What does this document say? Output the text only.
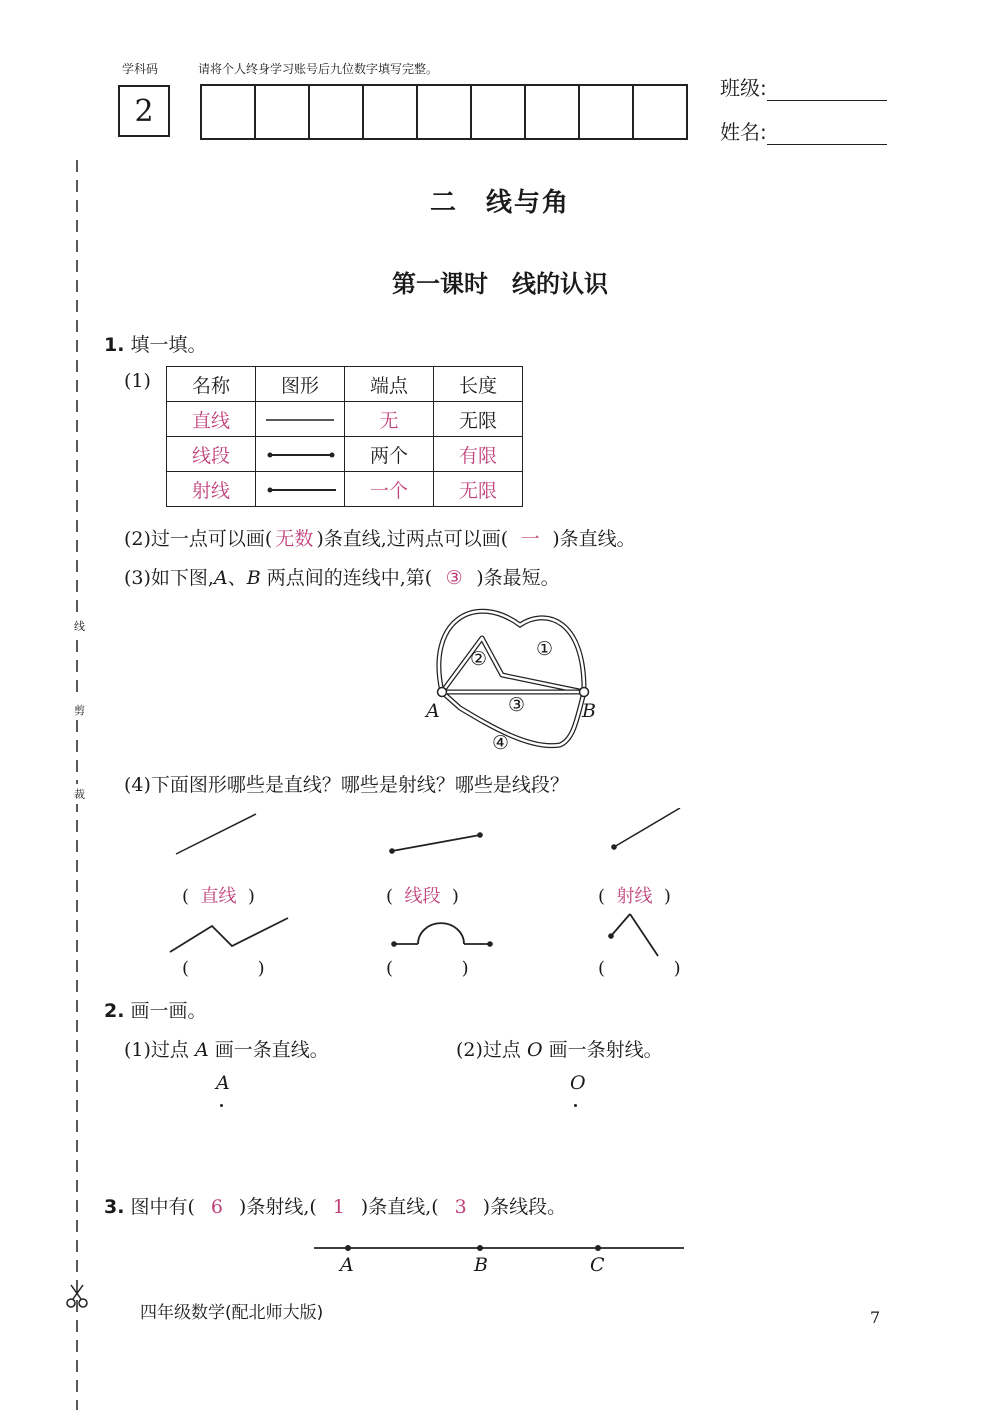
学科码	请将个人终身学习账号后九位数字填写完整。
2
班级:
姓名:
线
剪
裁
二　线与角
第一课时　线的认识
1. 填一填。
(1) 名称	图形	端点	长度
直线		无	无限
线段		两个	有限
射线		一个	无限
(2)过一点可以画( 无数 )条直线,过两点可以画( 一 )条直线。
(3)如下图,A、B 两点间的连线中,第( ③ )条最短。
A	B
①
②
③
④
(4)下面图形哪些是直线？哪些是射线？哪些是线段？
(  直线  )	(  线段  )	(  射线  )
(            )	(            )	(            )
2. 画一画。
(1)过点 A 画一条直线。	(2)过点 O 画一条射线。
A	O
3. 图中有( 6 )条射线,( 1 )条直线,( 3 )条线段。
A	B	C
四年级数学(配北师大版)	7
